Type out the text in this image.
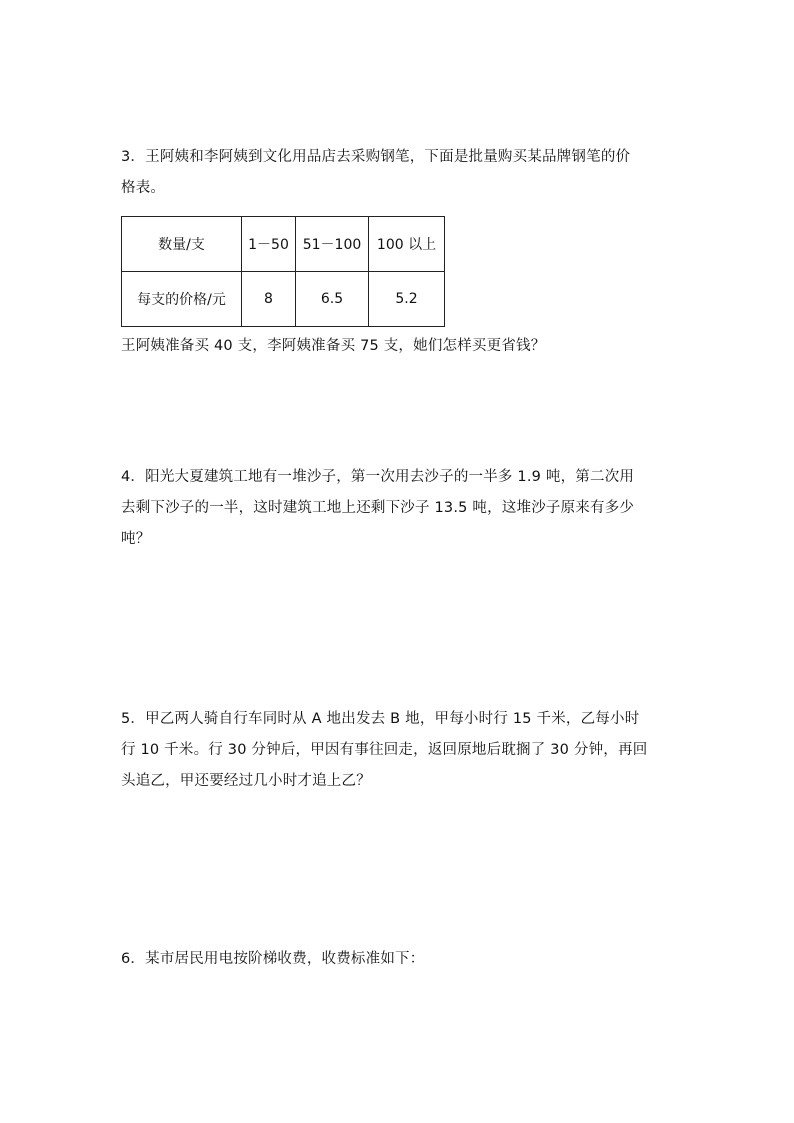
3．王阿姨和李阿姨到文化用品店去采购钢笔，下面是批量购买某品牌钢笔的价
格表。
数量/支	1－50	51－100	100 以上
每支的价格/元	8	6.5	5.2
王阿姨准备买 40 支，李阿姨准备买 75 支，她们怎样买更省钱？
4．阳光大夏建筑工地有一堆沙子，第一次用去沙子的一半多 1.9 吨，第二次用
去剩下沙子的一半，这时建筑工地上还剩下沙子 13.5 吨，这堆沙子原来有多少
吨？
5．甲乙两人骑自行车同时从 A 地出发去 B 地，甲每小时行 15 千米，乙每小时
行 10 千米。行 30 分钟后，甲因有事往回走，返回原地后耽搁了 30 分钟，再回
头追乙，甲还要经过几小时才追上乙？
6．某市居民用电按阶梯收费，收费标准如下：
